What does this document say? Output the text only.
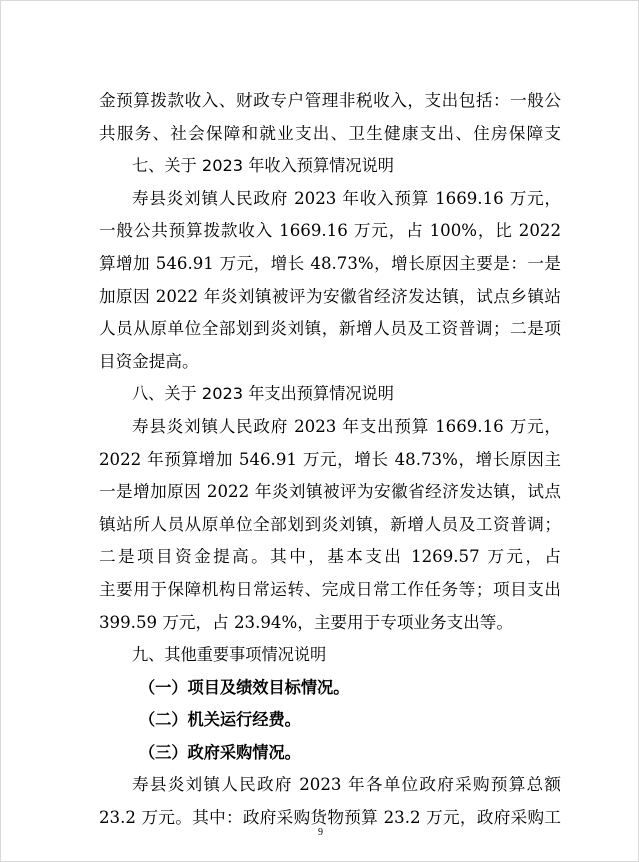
金预算拨款收入、财政专户管理非税收入，支出包括：一般公
共服务、社会保障和就业支出、卫生健康支出、住房保障支
七、关于 2023 年收入预算情况说明
寿县炎刘镇人民政府 2023 年收入预算 1669.16 万元，
一般公共预算拨款收入 1669.16 万元，占 100%，比 2022
算增加 546.91 万元，增长 48.73%，增长原因主要是：一是
加原因 2022 年炎刘镇被评为安徽省经济发达镇，试点乡镇站
人员从原单位全部划到炎刘镇，新增人员及工资普调；二是项
目资金提高。
八、关于 2023 年支出预算情况说明
寿县炎刘镇人民政府 2023 年支出预算 1669.16 万元，
2022 年预算增加 546.91 万元，增长 48.73%，增长原因主
一是增加原因 2022 年炎刘镇被评为安徽省经济发达镇，试点
镇站所人员从原单位全部划到炎刘镇，新增人员及工资普调；
二是项目资金提高。其中，基本支出 1269.57 万元，占
主要用于保障机构日常运转、完成日常工作任务等；项目支出
399.59 万元，占 23.94%，主要用于专项业务支出等。
九、其他重要事项情况说明
（一）项目及绩效目标情况。
（二）机关运行经费。
（三）政府采购情况。
寿县炎刘镇人民政府 2023 年各单位政府采购预算总额
23.2 万元。其中：政府采购货物预算 23.2 万元，政府采购工
9
